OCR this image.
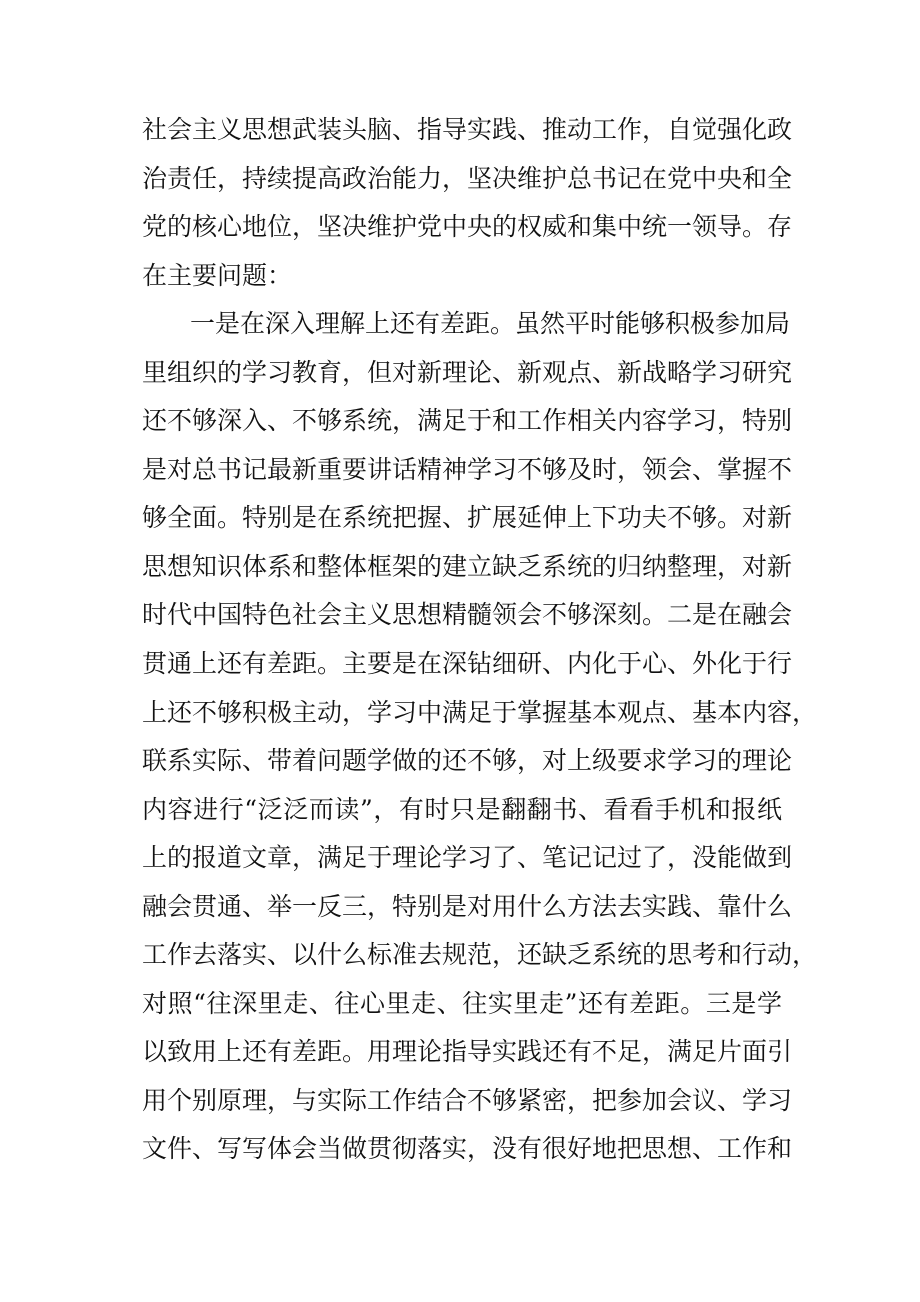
社会主义思想武装头脑、指导实践、推动工作，自觉强化政
治责任，持续提高政治能力，坚决维护总书记在党中央和全
党的核心地位，坚决维护党中央的权威和集中统一领导。存
在主要问题：
一是在深入理解上还有差距。虽然平时能够积极参加局
里组织的学习教育，但对新理论、新观点、新战略学习研究
还不够深入、不够系统，满足于和工作相关内容学习，特别
是对总书记最新重要讲话精神学习不够及时，领会、掌握不
够全面。特别是在系统把握、扩展延伸上下功夫不够。对新
思想知识体系和整体框架的建立缺乏系统的归纳整理，对新
时代中国特色社会主义思想精髓领会不够深刻。二是在融会
贯通上还有差距。主要是在深钻细研、内化于心、外化于行
上还不够积极主动，学习中满足于掌握基本观点、基本内容，
联系实际、带着问题学做的还不够，对上级要求学习的理论
内容进行“泛泛而读”，有时只是翻翻书、看看手机和报纸
上的报道文章，满足于理论学习了、笔记记过了，没能做到
融会贯通、举一反三，特别是对用什么方法去实践、靠什么
工作去落实、以什么标准去规范，还缺乏系统的思考和行动，
对照“往深里走、往心里走、往实里走”还有差距。三是学
以致用上还有差距。用理论指导实践还有不足，满足片面引
用个别原理，与实际工作结合不够紧密，把参加会议、学习
文件、写写体会当做贯彻落实，没有很好地把思想、工作和
